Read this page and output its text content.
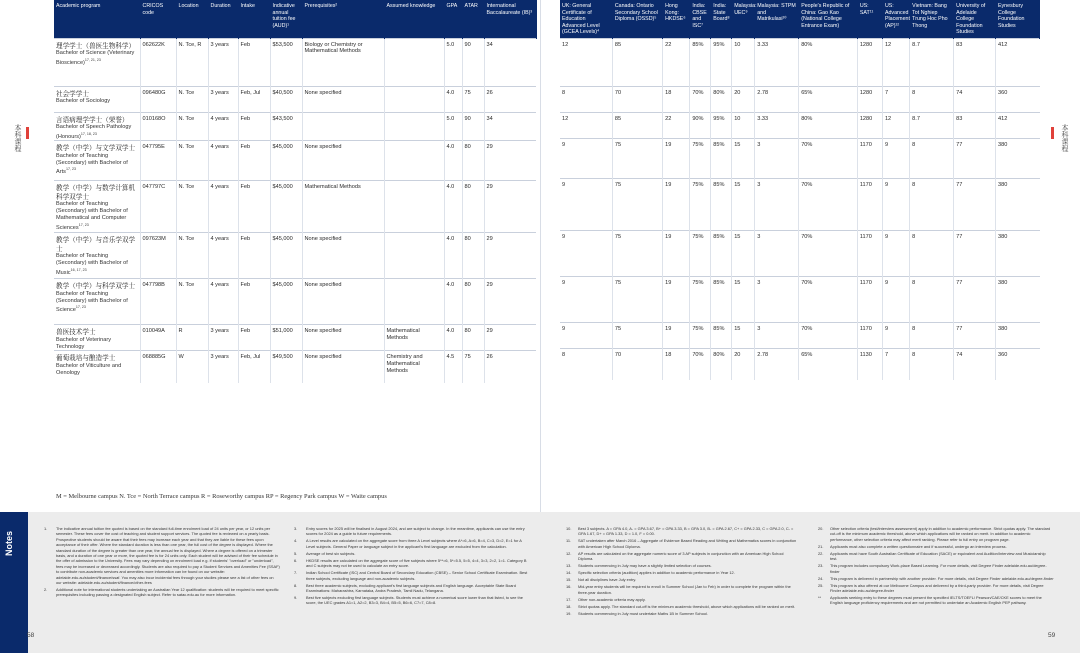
本科课程	本科课程
Academic program	CRICOS code	Location	Duration	Intake	Indicative annual tuition fee (AUD)¹	Prerequisites²	Assumed knowledge	GPA	ATAR	International Baccalaureate (IB)³

理学学士（兽医生物科学）
Bachelor of Science (Veterinary Bioscience)$^{17, 21, 23}$	062622K	N. Tce, R	3 years	Feb	$53,500	Biology or Chemistry or Mathematical Methods		5.0	90	34

社会学学士
Bachelor of Sociology	096480G	N. Tce	3 years	Feb, Jul	$40,500	None specified		4.0	75	26

言语病理学学士（荣誉）
Bachelor of Speech Pathology (Honours)$^{17, 18, 23}$	010168O	N. Tce	4 years	Feb	$43,500			5.0	90	34

教学（中学）与文学双学士
Bachelor of Teaching (Secondary) with Bachelor of Arts$^{17, 23}$	047795E	N. Tce	4 years	Feb	$45,000	None specified		4.0	80	29

教学（中学）与数学计算机科学双学士
Bachelor of Teaching (Secondary) with Bachelor of Mathematical and Computer Sciences$^{17, 23}$	047797C	N. Tce	4 years	Feb	$45,000	Mathematical Methods		4.0	80	29

教学（中学）与音乐学双学士
Bachelor of Teaching (Secondary) with Bachelor of Music$^{16, 17, 23}$	097623M	N. Tce	4 years	Feb	$45,000	None specified		4.0	80	29

教学（中学）与科学双学士
Bachelor of Teaching (Secondary) with Bachelor of Science$^{17, 23}$	047798B	N. Tce	4 years	Feb	$45,000	None specified		4.0	80	29

兽医技术学士
Bachelor of Veterinary Technology	010049A	R	3 years	Feb	$51,000	None specified	Mathematical Methods	4.0	80	29

葡萄栽培与酿造学士
Bachelor of Viticulture and Oenology	068885G	W	3 years	Feb, Jul	$49,500	None specified	Chemistry and Mathematical Methods	4.5	75	26
UK: General Certificate of Education Advanced Level (GCEA Levels)⁴	Canada: Ontario Secondary School Diploma (OSSD)⁵	Hong Kong: HKDSE⁶	India: CBSE and ISC⁷	India: State Board⁸	Malaysia: UEC⁹	Malaysia: STPM and Matrikulasi¹⁰	People's Republic of China: Gao Kao (National College Entrance Exam)	US: SAT¹¹	US: Advanced Placement (AP)¹²	Vietnam: Bang Tot Nghiep Trung Hoc Pho Thong	University of Adelaide College Foundation Studies	Eynesbury College Foundation Studies
12	85	22	85%	95%	10	3.33	80%	1280	12	8.7	83	412
8	70	18	70%	80%	20	2.78	65%	1280	7	8	74	360
12	85	22	90%	95%	10	3.33	80%	1280	12	8.7	83	412
9	75	19	75%	85%	15	3	70%	1170	9	8	77	380
9	75	19	75%	85%	15	3	70%	1170	9	8	77	380
9	75	19	75%	85%	15	3	70%	1170	9	8	77	380
9	75	19	75%	85%	15	3	70%	1170	9	8	77	380
9	75	19	75%	85%	15	3	70%	1170	9	8	77	380
8	70	18	70%	80%	20	2.78	65%	1130	7	8	74	360
M = Melbourne campus N. Tce = North Terrace campus R = Roseworthy campus RP = Regency Park campus W = Waite campus
Notes
58	59
1.	The indicative annual tuition fee quoted is based on the standard full-time enrolment load of 24 units per year, or 12 units per semester. These fees cover the cost of teaching and student support services. The quoted fee is reviewed on a yearly basis. Prospective students should be aware that their fees may increase each year and that they are liable for these fees upon acceptance of their offer. Where the standard duration is less than one year, the full cost of the degree is displayed. Where the standard duration of the degree is greater than one year, the annual fee is displayed. Where a degree is offered on a trimester basis, and a duration of one year or more, the quoted fee is for 24 units only. Each student will be advised of their fee schedule in the offer of admission to the University. Fees may vary depending on enrolment load e.g. if students' "overload" or "underload", fees may be increased or decreased accordingly. Students are also required to pay a Student Services and Amenities Fee (SSAF) to contribute non-academic services and amenities more information can be found on our website: adelaide.edu.au/student/finance/ssaf. You may also incur incidental fees through your studies please see a list of other fees on our website: adelaide.edu.au/student/finance/other-fees
2.	Additional note for international students undertaking an Australian Year 12 qualification: students will be required to meet specific prerequisites including passing a designated English subject. Refer to satac.edu.au for more information.
3.	Entry scores for 2025 will be finalised in August 2024, and are subject to change. In the meantime, applicants can use the entry scores for 2024 as a guide to future requirements.
4.	A Level results are calculated on the aggregate score from three A Level subjects where A*=6, A=6, B=4, C=3, D=2, E=1 for A Level subjects. General Paper or language subject in the applicant's first language are excluded from the calculation.
5.	Average of best six subjects.
6.	HKDSE results are calculated on the aggregate score of five subjects where 5**=6, 5*=5.5, 5=5, 4=4, 3=3, 2=2, 1=1. Category B and C subjects may not be used to calculate an entry score.
7.	Indian School Certificate (ISC) and Central Board of Secondary Education (CBSE) – Senior School Certificate Examination. Best three subjects, excluding language and non-academic subjects.
8.	Best three academic subjects, excluding applicant's first language subjects and English language. Acceptable State Board Examinations: Maharashtra, Karnataka, Andra Pradesh, Tamil Nadu, Telangana.
9.	Best five subjects excluding first language subjects. Students must achieve a numerical score lower than that listed, to see the score, the UEC grades A1=1, A2=2, B3=3, B4=4, B5=5, B6=6, C7=7, C8=8.
10.	Best 3 subjects. A = GPA 4.0, A- = GPA 3.67, B+ = GPA 3.33, B = GPA 3.0, B- = GPA 2.67, C+ = GPA 2.33, C = GPA 2.0, C- = GPA 1.67, D+ = GPA 1.33, D = 1.0, F = 0.00.
11.	SAT undertaken after March 2016 – Aggregate of Evidence Based Reading and Writing and Mathematics scores in conjunction with American High School Diploma.
12.	AP results are calculated on the aggregate numeric score of 3 AP subjects in conjunction with an American High School Diploma.
13.	Students commencing in July may have a slightly limited selection of courses.
14.	Specific selection criteria (audition) applies in addition to academic performance in Year 12.
15.	Not all disciplines have July entry.
16.	Mid-year entry students will be required to enroll in Summer School (Jan to Feb) in order to complete the program within the three-year duration.
17.	Other non-academic criteria may apply.
18.	Strict quotas apply. The standard cut-off is the minimum academic threshold, above which applications will be ranked on merit.
19.	Students commencing in July must undertake Maths 1B in Summer School.
20.	Other selection criteria (test/interview assessment) apply in addition to academic performance. Strict quotas apply. The standard cut-off is the minimum academic threshold, above which applications will be ranked on merit. In addition to academic performance, other selection criteria may affect merit ranking. Please refer to full entry on program page.
21.	Applicants must also complete a written questionnaire and if successful, undergo an interview process.
22.	Applicants must have South Australian Certificate of Education (SACE) or equivalent and Audition/Interview and Musicianship test.
23.	This program includes compulsory Work-place Based Learning. For more details, visit Degree Finder adelaide.edu.au/degree-finder
24.	This program is delivered in partnership with another provider. For more details, visit Degree Finder adelaide.edu.au/degree-finder
25.	This program is also offered at our Melbourne Campus and delivered by a third-party provider. For more details, visit Degree Finder adelaide.edu.au/degree-finder
**	Applicants seeking entry to these degrees must present the specified IELTS/TOEFL/ Pearson/CAE/CKE scores to meet the English language proficiency requirements and are not permitted to undertake an Academic English PEP pathway.
